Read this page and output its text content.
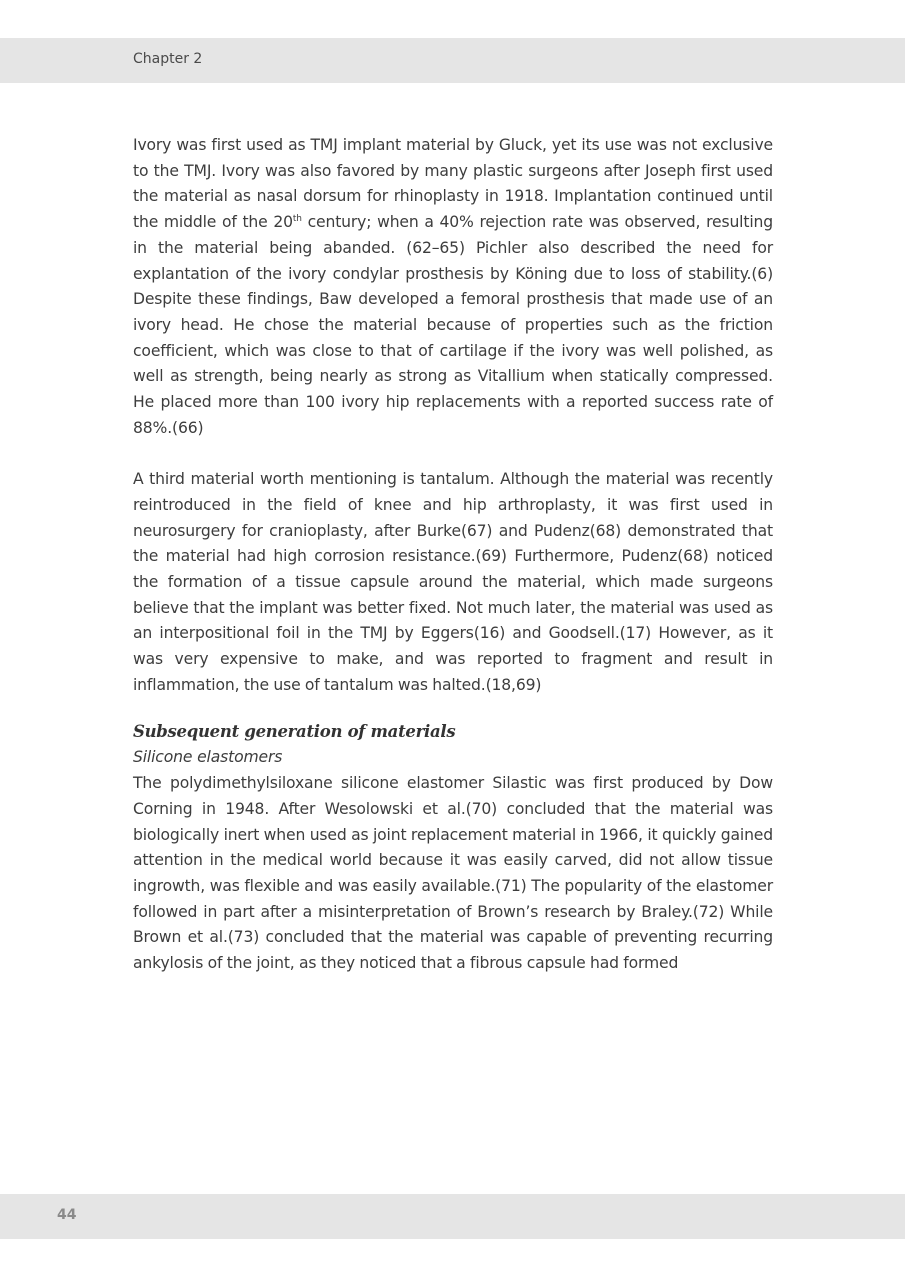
Chapter 2

Ivory was first used as TMJ implant material by Gluck, yet its use was not exclusive to the TMJ. Ivory was also favored by many plastic surgeons after Joseph first used the material as nasal dorsum for rhinoplasty in 1918. Implantation continued until the middle of the 20th century; when a 40% rejection rate was observed, resulting in the material being abanded. (62–65) Pichler also described the need for explantation of the ivory condylar prosthesis by Köning due to loss of stability.(6) Despite these findings, Baw developed a femoral prosthesis that made use of an ivory head. He chose the material because of properties such as the friction coefficient, which was close to that of cartilage if the ivory was well polished, as well as strength, being nearly as strong as Vitallium when statically compressed. He placed more than 100 ivory hip replacements with a reported success rate of 88%.(66)

A third material worth mentioning is tantalum. Although the material was recently reintroduced in the field of knee and hip arthroplasty, it was first used in neurosurgery for cranioplasty, after Burke(67) and Pudenz(68) demonstrated that the material had high corrosion resistance.(69) Furthermore, Pudenz(68) noticed the formation of a tissue capsule around the material, which made surgeons believe that the implant was better fixed. Not much later, the material was used as an interpositional foil in the TMJ by Eggers(16) and Goodsell.(17) However, as it was very expensive to make, and was reported to fragment and result in inflammation, the use of tantalum was halted.(18,69)

Subsequent generation of materials

Silicone elastomers

The polydimethylsiloxane silicone elastomer Silastic was first produced by Dow Corning in 1948. After Wesolowski et al.(70) concluded that the material was biologically inert when used as joint replacement material in 1966, it quickly gained attention in the medical world because it was easily carved, did not allow tissue ingrowth, was flexible and was easily available.(71) The popularity of the elastomer followed in part after a misinterpretation of Brown’s research by Braley.(72) While Brown et al.(73) concluded that the material was capable of preventing recurring ankylosis of the joint, as they noticed that a fibrous capsule had formed

44
